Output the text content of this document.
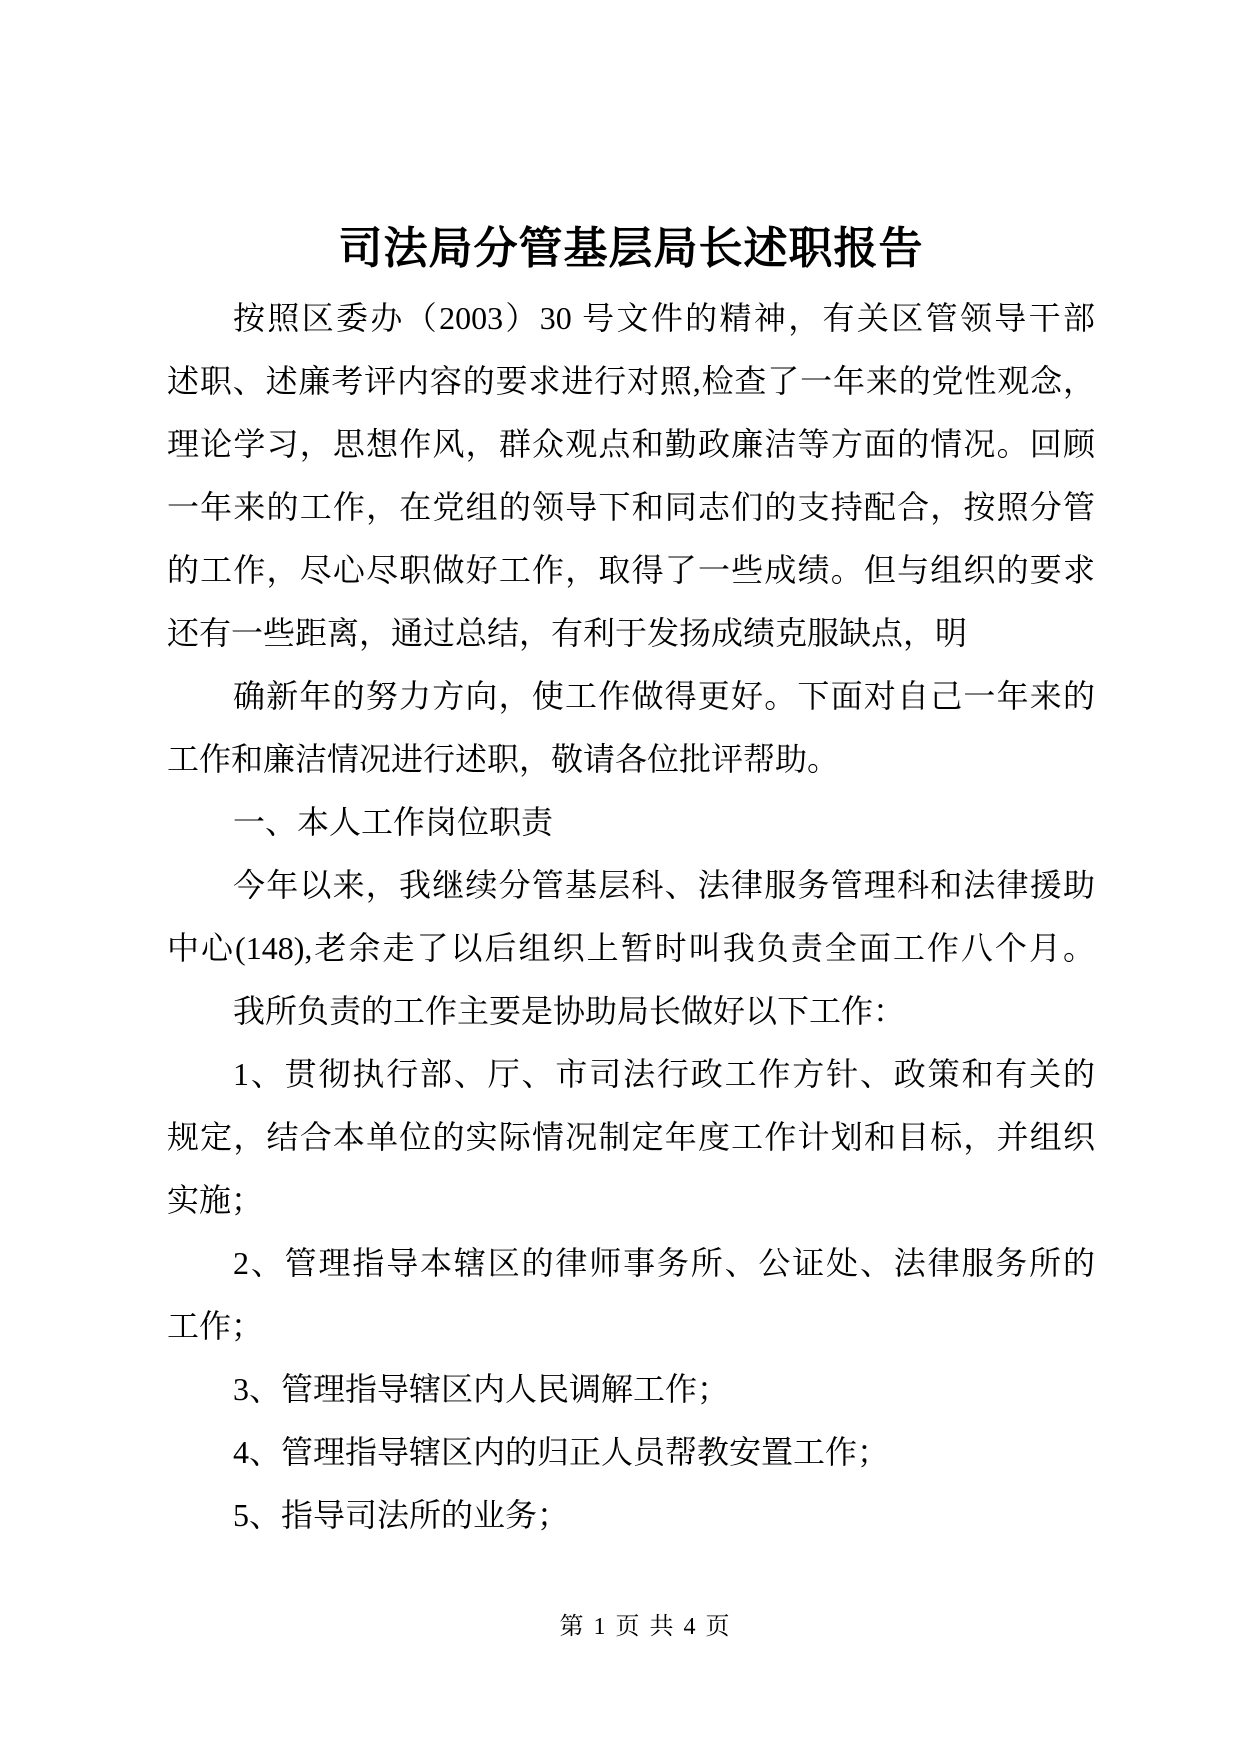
司法局分管基层局长述职报告
按照区委办（2003）30 号文件的精神，有关区管领导干部
述职、述廉考评内容的要求进行对照,检查了一年来的党性观念，
理论学习，思想作风，群众观点和勤政廉洁等方面的情况。回顾
一年来的工作，在党组的领导下和同志们的支持配合，按照分管
的工作，尽心尽职做好工作，取得了一些成绩。但与组织的要求
还有一些距离，通过总结，有利于发扬成绩克服缺点，明
确新年的努力方向，使工作做得更好。下面对自己一年来的
工作和廉洁情况进行述职，敬请各位批评帮助。
一、本人工作岗位职责
今年以来，我继续分管基层科、法律服务管理科和法律援助
中心(148),老余走了以后组织上暂时叫我负责全面工作八个月。
我所负责的工作主要是协助局长做好以下工作：
1、贯彻执行部、厅、市司法行政工作方针、政策和有关的
规定，结合本单位的实际情况制定年度工作计划和目标，并组织
实施；
2、管理指导本辖区的律师事务所、公证处、法律服务所的
工作；
3、管理指导辖区内人民调解工作；
4、管理指导辖区内的归正人员帮教安置工作；
5、指导司法所的业务；
第 1 页 共 4 页
